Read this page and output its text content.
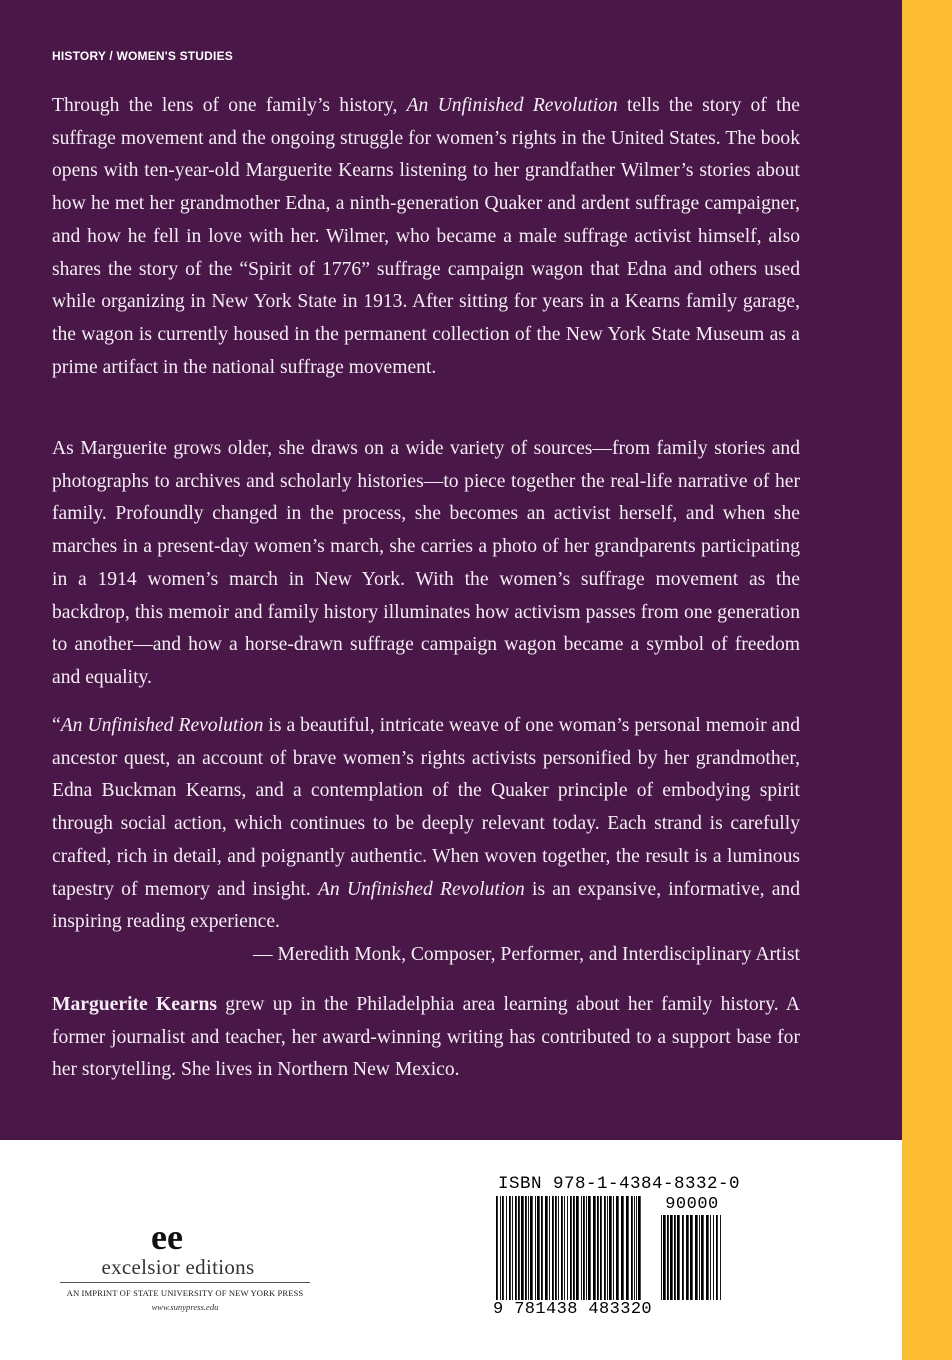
HISTORY / WOMEN'S STUDIES

Through the lens of one family’s history, An Unfinished Revolution tells the story of the suffrage movement and the ongoing struggle for women’s rights in the United States. The book opens with ten-year-old Marguerite Kearns listening to her grandfather Wilmer’s stories about how he met her grandmother Edna, a ninth-generation Quaker and ardent suffrage campaigner, and how he fell in love with her. Wilmer, who became a male suffrage activist himself, also shares the story of the “Spirit of 1776” suffrage campaign wagon that Edna and others used while organizing in New York State in 1913. After sitting for years in a Kearns family garage, the wagon is currently housed in the permanent collection of the New York State Museum as a prime artifact in the national suffrage movement.

As Marguerite grows older, she draws on a wide variety of sources—from family stories and photographs to archives and scholarly histories—to piece together the real-life narrative of her family. Profoundly changed in the process, she becomes an activist herself, and when she marches in a present-day women’s march, she carries a photo of her grandparents participating in a 1914 women’s march in New York. With the women’s suffrage movement as the backdrop, this memoir and family history illuminates how activism passes from one generation to another—and how a horse-drawn suffrage campaign wagon became a symbol of freedom and equality.

“An Unfinished Revolution is a beautiful, intricate weave of one woman’s personal memoir and ancestor quest, an account of brave women’s rights activists personified by her grandmother, Edna Buckman Kearns, and a contemplation of the Quaker principle of embodying spirit through social action, which continues to be deeply relevant today. Each strand is carefully crafted, rich in detail, and poignantly authentic. When woven together, the result is a luminous tapestry of memory and insight. An Unfinished Revolution is an expansive, informative, and inspiring reading experience.

— Meredith Monk, Composer, Performer, and Interdisciplinary Artist

Marguerite Kearns grew up in the Philadelphia area learning about her family history. A former journalist and teacher, her award-winning writing has contributed to a support base for her storytelling. She lives in Northern New Mexico.

ee
excelsior editions
AN IMPRINT OF STATE UNIVERSITY OF NEW YORK PRESS
www.sunypress.edu
ISBN 978-1-4384-8332-0
90000
9 781438 483320
